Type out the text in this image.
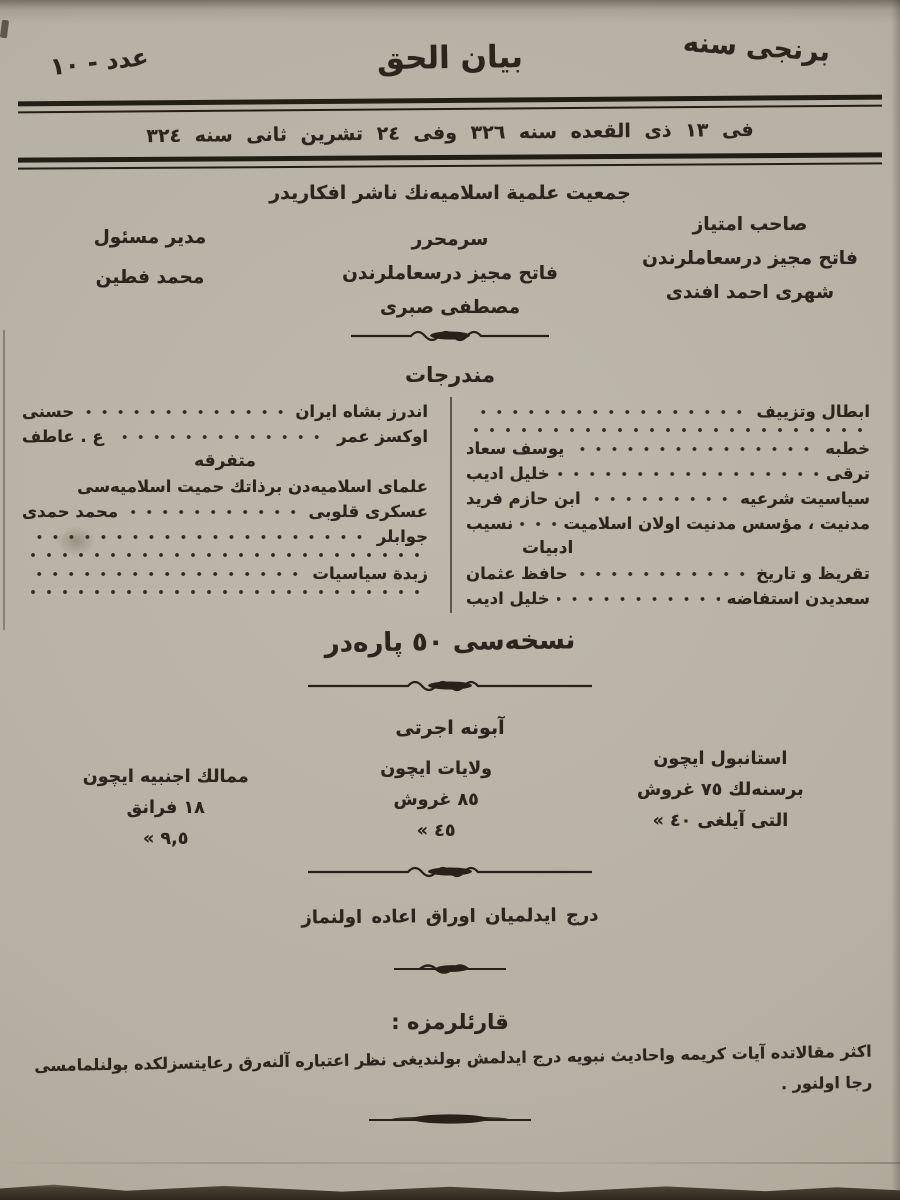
برنجى سنه
بيان الحق
عدد - ١٠
فى ١٣ ذى القعده سنه ٣٢٦ وفى ٢٤ تشرين ثانى سنه ٣٢٤
جمعيت علمية اسلاميه‌نك ناشر افكاريدر
صاحب امتياز
فاتح مجيز درسعاملرندن
شهرى احمد افندى
سرمحرر
فاتح مجيز درسعاملرندن
مصطفى صبرى
مدير مسئول
محمد فطين
مندرجات
ابطال وتزييف
خطبه
يوسف سعاد
ترقى
خليل اديب
سياسيت شرعيه
ابن حازم فريد
مدنيت ، مؤسس مدنيت اولان اسلاميت
نسيب
ادبيات
تقريظ و تاريخ
حافظ عثمان
سعديدن استفاضه
خليل اديب
اندرز بشاه ايران
حسنى
اوكسز عمر
ع . عاطف
متفرقه
علماى اسلاميه‌دن برذاتك حميت اسلاميه‌سى
عسكرى قلوبى
محمد حمدى
جوابلر
زبدة سياسيات
نسخه‌سى ٥٠ پاره‌در
آبونه اجرتى
استانبول ايچون
برسنه‌لك ٧٥ غروش
التى آيلغى ٤٠ »
ولايات ايچون
٨٥ غروش
٤٥ »
ممالك اجنبيه ايچون
١٨ فرانق
٩,٥ »
درج ايدلميان اوراق اعاده اولنماز
قارئلرمزه :
اكثر مقالاتده آيات كريمه واحاديث نبويه درج ايدلمش بولنديغى نظر اعتباره آلنه‌رق رعايتسزلكده بولنلمامسى
رجا اولنور .
